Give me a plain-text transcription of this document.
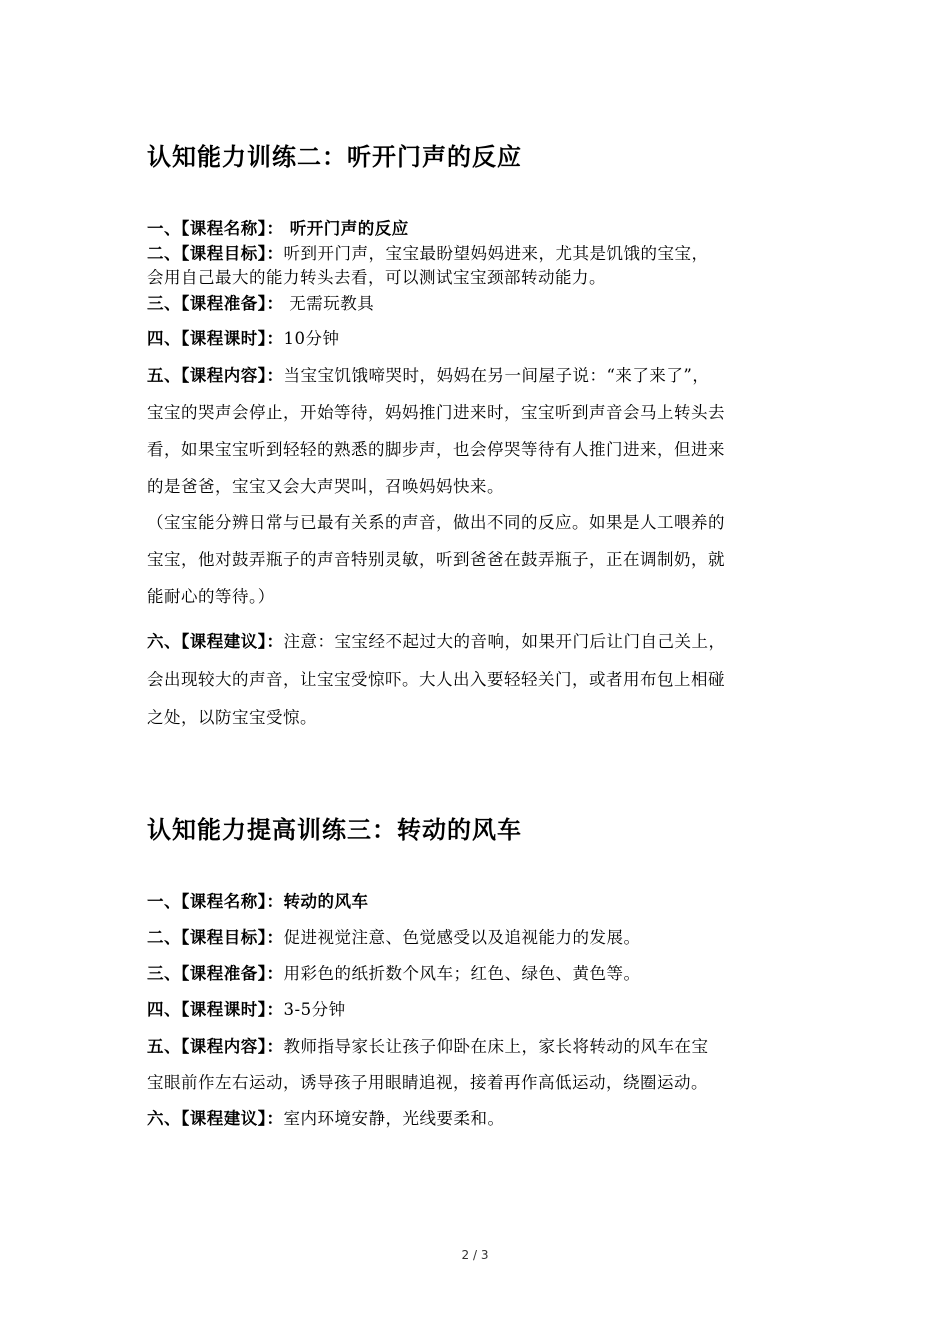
认知能力训练二：听开门声的反应

一、【课程名称】： 听开门声的反应

二、【课程目标】：听到开门声，宝宝最盼望妈妈进来，尤其是饥饿的宝宝，

会用自己最大的能力转头去看，可以测试宝宝颈部转动能力。

三、【课程准备】： 无需玩教具

四、【课程课时】：10分钟

五、【课程内容】：当宝宝饥饿啼哭时，妈妈在另一间屋子说：“来了来了”，

宝宝的哭声会停止，开始等待，妈妈推门进来时，宝宝听到声音会马上转头去

看，如果宝宝听到轻轻的熟悉的脚步声，也会停哭等待有人推门进来，但进来

的是爸爸，宝宝又会大声哭叫，召唤妈妈快来。

（宝宝能分辨日常与已最有关系的声音，做出不同的反应。如果是人工喂养的

宝宝，他对鼓弄瓶子的声音特别灵敏，听到爸爸在鼓弄瓶子，正在调制奶，就

能耐心的等待。）

六、【课程建议】：注意：宝宝经不起过大的音响，如果开门后让门自己关上，

会出现较大的声音，让宝宝受惊吓。大人出入要轻轻关门，或者用布包上相碰

之处，以防宝宝受惊。

认知能力提高训练三：转动的风车

一、【课程名称】：转动的风车

二、【课程目标】：促进视觉注意、色觉感受以及追视能力的发展。

三、【课程准备】：用彩色的纸折数个风车；红色、绿色、黄色等。

四、【课程课时】：3-5分钟

五、【课程内容】：教师指导家长让孩子仰卧在床上，家长将转动的风车在宝

宝眼前作左右运动，诱导孩子用眼睛追视，接着再作高低运动，绕圈运动。

六、【课程建议】：室内环境安静，光线要柔和。

2 / 3
